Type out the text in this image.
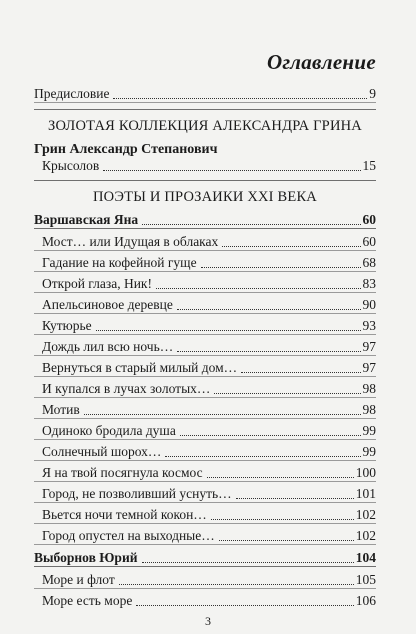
Оглавление
Предисловие	9
ЗОЛОТАЯ КОЛЛЕКЦИЯ АЛЕКСАНДРА ГРИНА
Грин Александр Степанович
Крысолов	15
ПОЭТЫ И ПРОЗАИКИ XXI ВЕКА
Варшавская Яна	60
Мост… или Идущая в облаках	60
Гадание на кофейной гуще	68
Открой глаза, Ник!	83
Апельсиновое деревце	90
Кутюрье	93
Дождь лил всю ночь…	97
Вернуться в старый милый дом…	97
И купался в лучах золотых…	98
Мотив	98
Одиноко бродила душа	99
Солнечный шорох…	99
Я на твой посягнула космос	100
Город, не позволивший уснуть…	101
Вьется ночи темной кокон…	102
Город опустел на выходные…	102
Выборнов Юрий	104
Море и флот	105
Море есть море	106
3
